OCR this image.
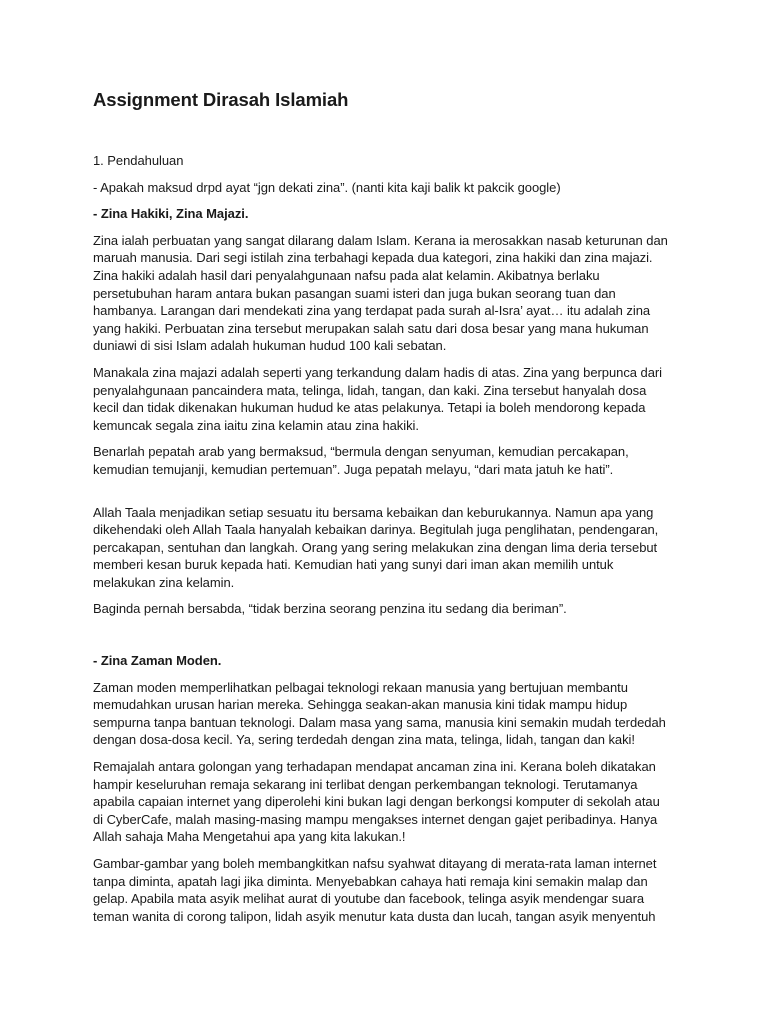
Assignment Dirasah Islamiah

1. Pendahuluan

- Apakah maksud drpd ayat “jgn dekati zina”. (nanti kita kaji balik kt pakcik google)

- Zina Hakiki, Zina Majazi.

Zina ialah perbuatan yang sangat dilarang dalam Islam. Kerana ia merosakkan nasab keturunan dan maruah manusia. Dari segi istilah zina terbahagi kepada dua kategori, zina hakiki dan zina majazi. Zina hakiki adalah hasil dari penyalahgunaan nafsu pada alat kelamin. Akibatnya berlaku persetubuhan haram antara bukan pasangan suami isteri dan juga bukan seorang tuan dan hambanya. Larangan dari mendekati zina yang terdapat pada surah al-Isra’ ayat… itu adalah zina yang hakiki. Perbuatan zina tersebut merupakan salah satu dari dosa besar yang mana hukuman duniawi di sisi Islam adalah hukuman hudud 100 kali sebatan.

Manakala zina majazi adalah seperti yang terkandung dalam hadis di atas. Zina yang berpunca dari penyalahgunaan pancaindera mata, telinga, lidah, tangan, dan kaki. Zina tersebut hanyalah dosa kecil dan tidak dikenakan hukuman hudud ke atas pelakunya. Tetapi ia boleh mendorong kepada kemuncak segala zina iaitu zina kelamin atau zina hakiki.

Benarlah pepatah arab yang bermaksud, “bermula dengan senyuman, kemudian percakapan, kemudian temujanji, kemudian pertemuan”. Juga pepatah melayu, “dari mata jatuh ke hati”.

Allah Taala menjadikan setiap sesuatu itu bersama kebaikan dan keburukannya. Namun apa yang dikehendaki oleh Allah Taala hanyalah kebaikan darinya. Begitulah juga penglihatan, pendengaran, percakapan, sentuhan dan langkah. Orang yang sering melakukan zina dengan lima deria tersebut memberi kesan buruk kepada hati. Kemudian hati yang sunyi dari iman akan memilih untuk melakukan zina kelamin.

Baginda pernah bersabda, “tidak berzina seorang penzina itu sedang dia beriman”.

- Zina Zaman Moden.

Zaman moden memperlihatkan pelbagai teknologi rekaan manusia yang bertujuan membantu memudahkan urusan harian mereka. Sehingga seakan-akan manusia kini tidak mampu hidup sempurna tanpa bantuan teknologi. Dalam masa yang sama, manusia kini semakin mudah terdedah dengan dosa-dosa kecil. Ya, sering terdedah dengan zina mata, telinga, lidah, tangan dan kaki!

Remajalah antara golongan yang terhadapan mendapat ancaman zina ini. Kerana boleh dikatakan hampir keseluruhan remaja sekarang ini terlibat dengan perkembangan teknologi. Terutamanya apabila capaian internet yang diperolehi kini bukan lagi dengan berkongsi komputer di sekolah atau di CyberCafe, malah masing-masing mampu mengakses internet dengan gajet peribadinya. Hanya Allah sahaja Maha Mengetahui apa yang kita lakukan.!

Gambar-gambar yang boleh membangkitkan nafsu syahwat ditayang di merata-rata laman internet tanpa diminta, apatah lagi jika diminta. Menyebabkan cahaya hati remaja kini semakin malap dan gelap. Apabila mata asyik melihat aurat di youtube dan facebook, telinga asyik mendengar suara teman wanita di corong talipon, lidah asyik menutur kata dusta dan lucah, tangan asyik menyentuh
